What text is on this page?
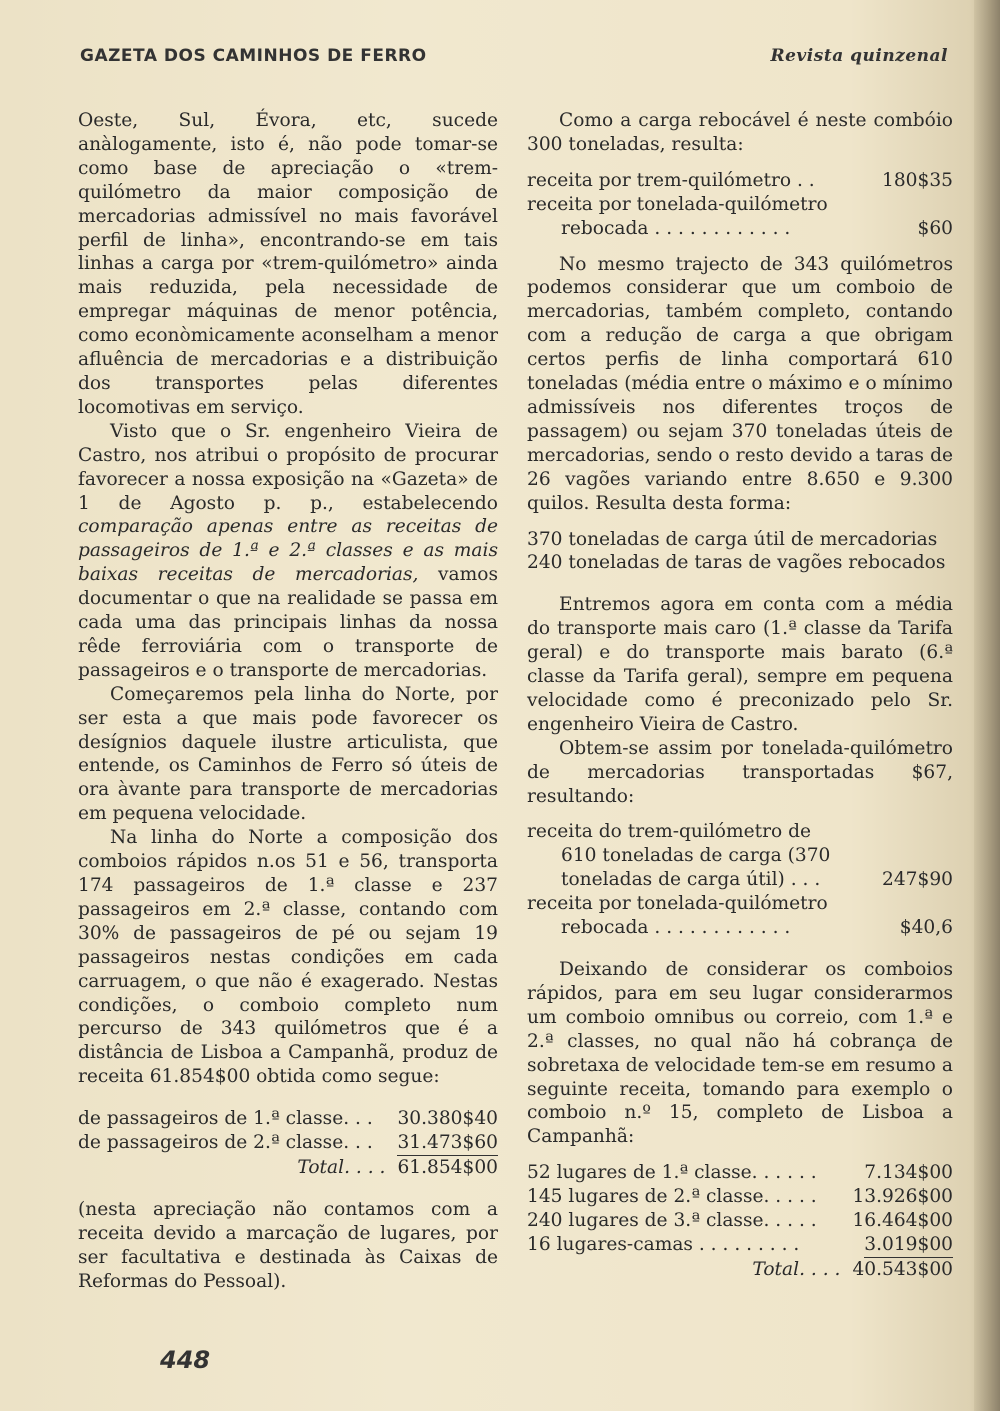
GAZETA DOS CAMINHOS DE FERRO	Revista quinzenal

Oeste, Sul, Évora, etc, sucede anàlogamente, isto é, não pode tomar-se como base de apreciação o «trem-quilómetro da maior composição de mercadorias admissível no mais favorável perfil de linha», encontrando-se em tais linhas a carga por «trem-quilómetro» ainda mais reduzida, pela necessidade de empregar máquinas de menor potência, como econòmicamente aconselham a menor afluência de mercadorias e a distribuição dos transportes pelas diferentes locomotivas em serviço.

Visto que o Sr. engenheiro Vieira de Castro, nos atribui o propósito de procurar favorecer a nossa exposição na «Gazeta» de 1 de Agosto p. p., estabelecendo comparação apenas entre as receitas de passageiros de 1.ª e 2.ª classes e as mais baixas receitas de mercadorias, vamos documentar o que na realidade se passa em cada uma das principais linhas da nossa rêde ferroviária com o transporte de passageiros e o transporte de mercadorias.

Começaremos pela linha do Norte, por ser esta a que mais pode favorecer os desígnios daquele ilustre articulista, que entende, os Caminhos de Ferro só úteis de ora àvante para transporte de mercadorias em pequena velocidade.

Na linha do Norte a composição dos comboios rápidos n.os 51 e 56, transporta 174 passageiros de 1.ª classe e 237 passageiros em 2.ª classe, contando com 30% de passageiros de pé ou sejam 19 passageiros nestas condições em cada carruagem, o que não é exagerado. Nestas condições, o comboio completo num percurso de 343 quilómetros que é a distância de Lisboa a Campanhã, produz de receita 61.854$00 obtida como segue:

de passageiros de 1.ª classe. . . 30.380$40
de passageiros de 2.ª classe. . . 31.473$60
Total. . . . 61.854$00

(nesta apreciação não contamos com a receita devido a marcação de lugares, por ser facultativa e destinada às Caixas de Reformas do Pessoal).

Como a carga rebocável é neste combóio 300 toneladas, resulta:

receita por trem-quilómetro . .	180$35
receita por tonelada-quilómetro
rebocada . . . . . . . . . . . .	$60

No mesmo trajecto de 343 quilómetros podemos considerar que um comboio de mercadorias, também completo, contando com a redução de carga a que obrigam certos perfis de linha comportará 610 toneladas (média entre o máximo e o mínimo admissíveis nos diferentes troços de passagem) ou sejam 370 toneladas úteis de mercadorias, sendo o resto devido a taras de 26 vagões variando entre 8.650 e 9.300 quilos. Resulta desta forma:

370 toneladas de carga útil de mercadorias

240 toneladas de taras de vagões rebocados

Entremos agora em conta com a média do transporte mais caro (1.ª classe da Tarifa geral) e do transporte mais barato (6.ª classe da Tarifa geral), sempre em pequena velocidade como é preconizado pelo Sr. engenheiro Vieira de Castro.

Obtem-se assim por tonelada-quilómetro de mercadorias transportadas $67, resultando:

receita do trem-quilómetro de
610 toneladas de carga (370
toneladas de carga útil) . . .	247$90
receita por tonelada-quilómetro
rebocada . . . . . . . . . . . .	$40,6

Deixando de considerar os comboios rápidos, para em seu lugar considerarmos um comboio omnibus ou correio, com 1.ª e 2.ª classes, no qual não há cobrança de sobretaxa de velocidade tem-se em resumo a seguinte receita, tomando para exemplo o comboio n.º 15, completo de Lisboa a Campanhã:

52 lugares de 1.ª classe. . . . . .	7.134$00
145 lugares de 2.ª classe. . . . . 13.926$00
240 lugares de 3.ª classe. . . . . 16.464$00
16 lugares-camas . . . . . . . . .	3.019$00
Total. . . . 40.543$00
448
